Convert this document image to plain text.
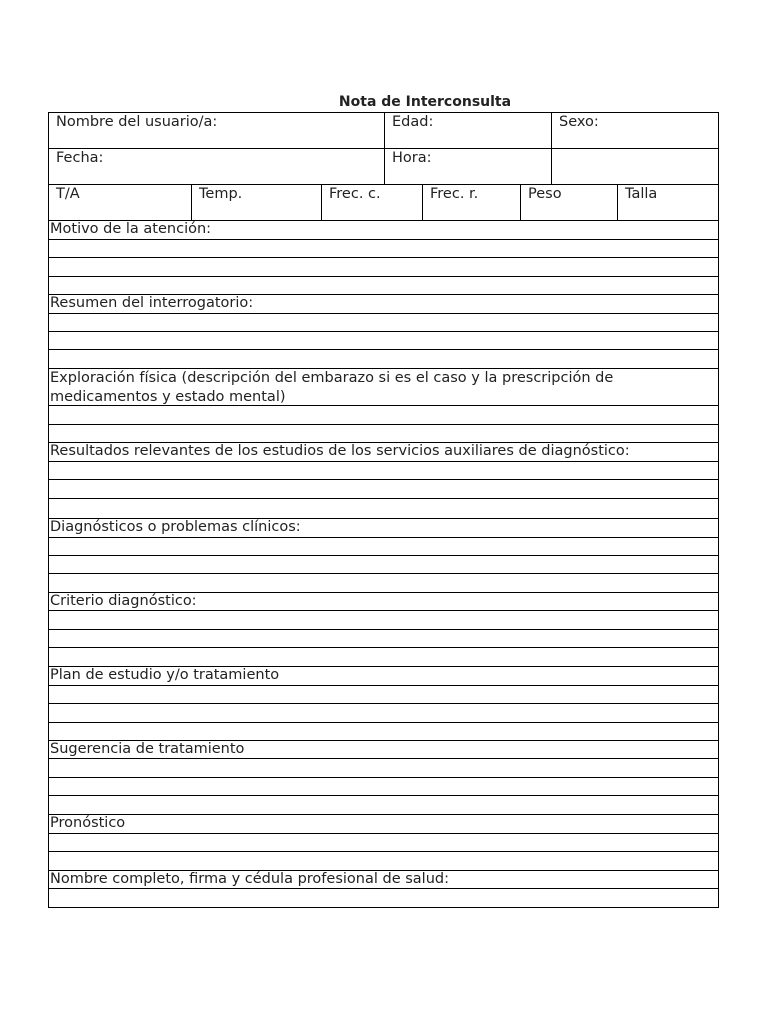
Nota de Interconsulta
Nombre del usuario/a:	Edad:	Sexo:
Fecha:	Hora:
T/A	Temp.	Frec. c.	Frec. r.	Peso	Talla
Motivo de la atención:
Resumen del interrogatorio:
Exploración física (descripción del embarazo si es el caso y la prescripción de medicamentos y estado mental)
Resultados relevantes de los estudios de los servicios auxiliares de diagnóstico:
Diagnósticos o problemas clínicos:
Criterio diagnóstico:
Plan de estudio y/o tratamiento
Sugerencia de tratamiento
Pronóstico
Nombre completo, firma y cédula profesional de salud:
